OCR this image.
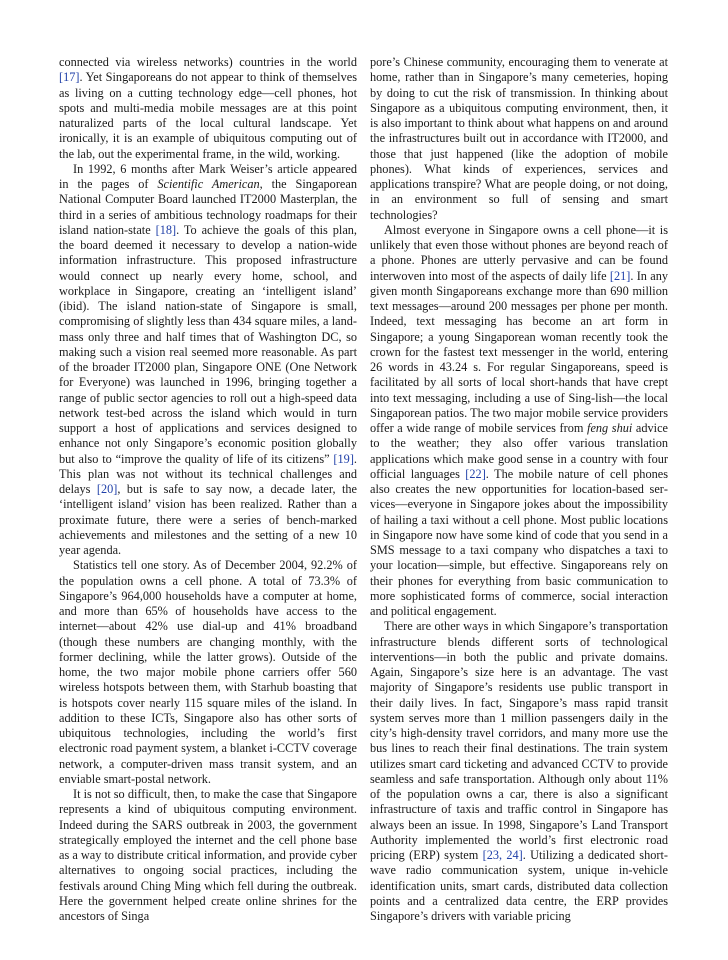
connected via wireless networks) countries in the world [17]. Yet Singaporeans do not appear to think of themselves as living on a cutting technology edge—cell phones, hot spots and multi-media mobile messages are at this point naturalized parts of the local cultural landscape. Yet ironically, it is an example of ubiquitous computing out of the lab, out the experimental frame, in the wild, working.

In 1992, 6 months after Mark Weiser’s article appeared in the pages of Scientific American, the Singaporean National Computer Board launched IT2000 Masterplan, the third in a series of ambitious technology roadmaps for their island nation-state [18]. To achieve the goals of this plan, the board deemed it necessary to develop a nation-wide information infrastructure. This proposed infrastructure would connect up nearly every home, school, and workplace in Singapore, creating an ‘intelligent island’ (ibid). The island nation-state of Singapore is small, compromising of slightly less than 434 square miles, a land-mass only three and half times that of Washington DC, so making such a vision real seemed more reasonable. As part of the broader IT2000 plan, Singapore ONE (One Network for Everyone) was launched in 1996, bringing together a range of public sector agencies to roll out a high-speed data network test-bed across the island which would in turn support a host of applications and services designed to enhance not only Singapore’s economic position globally but also to “improve the quality of life of its citizens” [19]. This plan was not without its technical challenges and delays [20], but is safe to say now, a decade later, the ‘intelligent island’ vision has been realized. Rather than a proximate future, there were a series of bench-marked achievements and milestones and the setting of a new 10 year agenda.

Statistics tell one story. As of December 2004, 92.2% of the population owns a cell phone. A total of 73.3% of Singapore’s 964,000 households have a computer at home, and more than 65% of households have access to the internet—about 42% use dial-up and 41% broadband (though these numbers are changing monthly, with the former declining, while the latter grows). Outside of the home, the two major mobile phone carriers offer 560 wireless hotspots between them, with Starhub boasting that is hotspots cover nearly 115 square miles of the island. In addition to these ICTs, Singapore also has other sorts of ubiquitous technologies, including the world’s first electronic road payment system, a blanket i-CCTV coverage network, a computer-driven mass transit system, and an enviable smart-postal network.

It is not so difficult, then, to make the case that Singapore represents a kind of ubiquitous computing environment. Indeed during the SARS outbreak in 2003, the government strategically employed the internet and the cell phone base as a way to distribute critical information, and provide cyber alternatives to ongoing social practices, including the festivals around Ching Ming which fell during the outbreak. Here the government helped create online shrines for the ancestors of Singa

pore’s Chinese community, encouraging them to venerate at home, rather than in Singapore’s many cemeteries, hoping by doing to cut the risk of transmission. In thinking about Singapore as a ubiquitous computing environment, then, it is also important to think about what happens on and around the infrastructures built out in accordance with IT2000, and those that just happened (like the adoption of mobile phones). What kinds of experiences, services and applications transpire? What are people doing, or not doing, in an environment so full of sensing and smart technologies?

Almost everyone in Singapore owns a cell phone—it is unlikely that even those without phones are beyond reach of a phone. Phones are utterly pervasive and can be found interwoven into most of the aspects of daily life [21]. In any given month Singaporeans exchange more than 690 million text messages—around 200 messages per phone per month. Indeed, text messaging has become an art form in Singapore; a young Singaporean woman recently took the crown for the fastest text messenger in the world, entering 26 words in 43.24 s. For regular Singaporeans, speed is facilitated by all sorts of local short-hands that have crept into text messaging, including a use of Sing-lish—the local Singaporean patios. The two major mobile service providers offer a wide range of mobile services from feng shui advice to the weather; they also offer various translation applications which make good sense in a country with four official languages [22]. The mobile nature of cell phones also creates the new opportunities for location-based services—everyone in Singapore jokes about the impossibility of hailing a taxi without a cell phone. Most public locations in Singapore now have some kind of code that you send in a SMS message to a taxi company who dispatches a taxi to your location—simple, but effective. Singaporeans rely on their phones for everything from basic communication to more sophisticated forms of commerce, social interaction and political engagement.

There are other ways in which Singapore’s transportation infrastructure blends different sorts of technological interventions—in both the public and private domains. Again, Singapore’s size here is an advantage. The vast majority of Singapore’s residents use public transport in their daily lives. In fact, Singapore’s mass rapid transit system serves more than 1 million passengers daily in the city’s high-density travel corridors, and many more use the bus lines to reach their final destinations. The train system utilizes smart card ticketing and advanced CCTV to provide seamless and safe transportation. Although only about 11% of the population owns a car, there is also a significant infrastructure of taxis and traffic control in Singapore has always been an issue. In 1998, Singapore’s Land Transport Authority implemented the world’s first electronic road pricing (ERP) system [23, 24]. Utilizing a dedicated short-wave radio communication system, unique in-vehicle identification units, smart cards, distributed data collection points and a centralized data centre, the ERP provides Singapore’s drivers with variable pricing
